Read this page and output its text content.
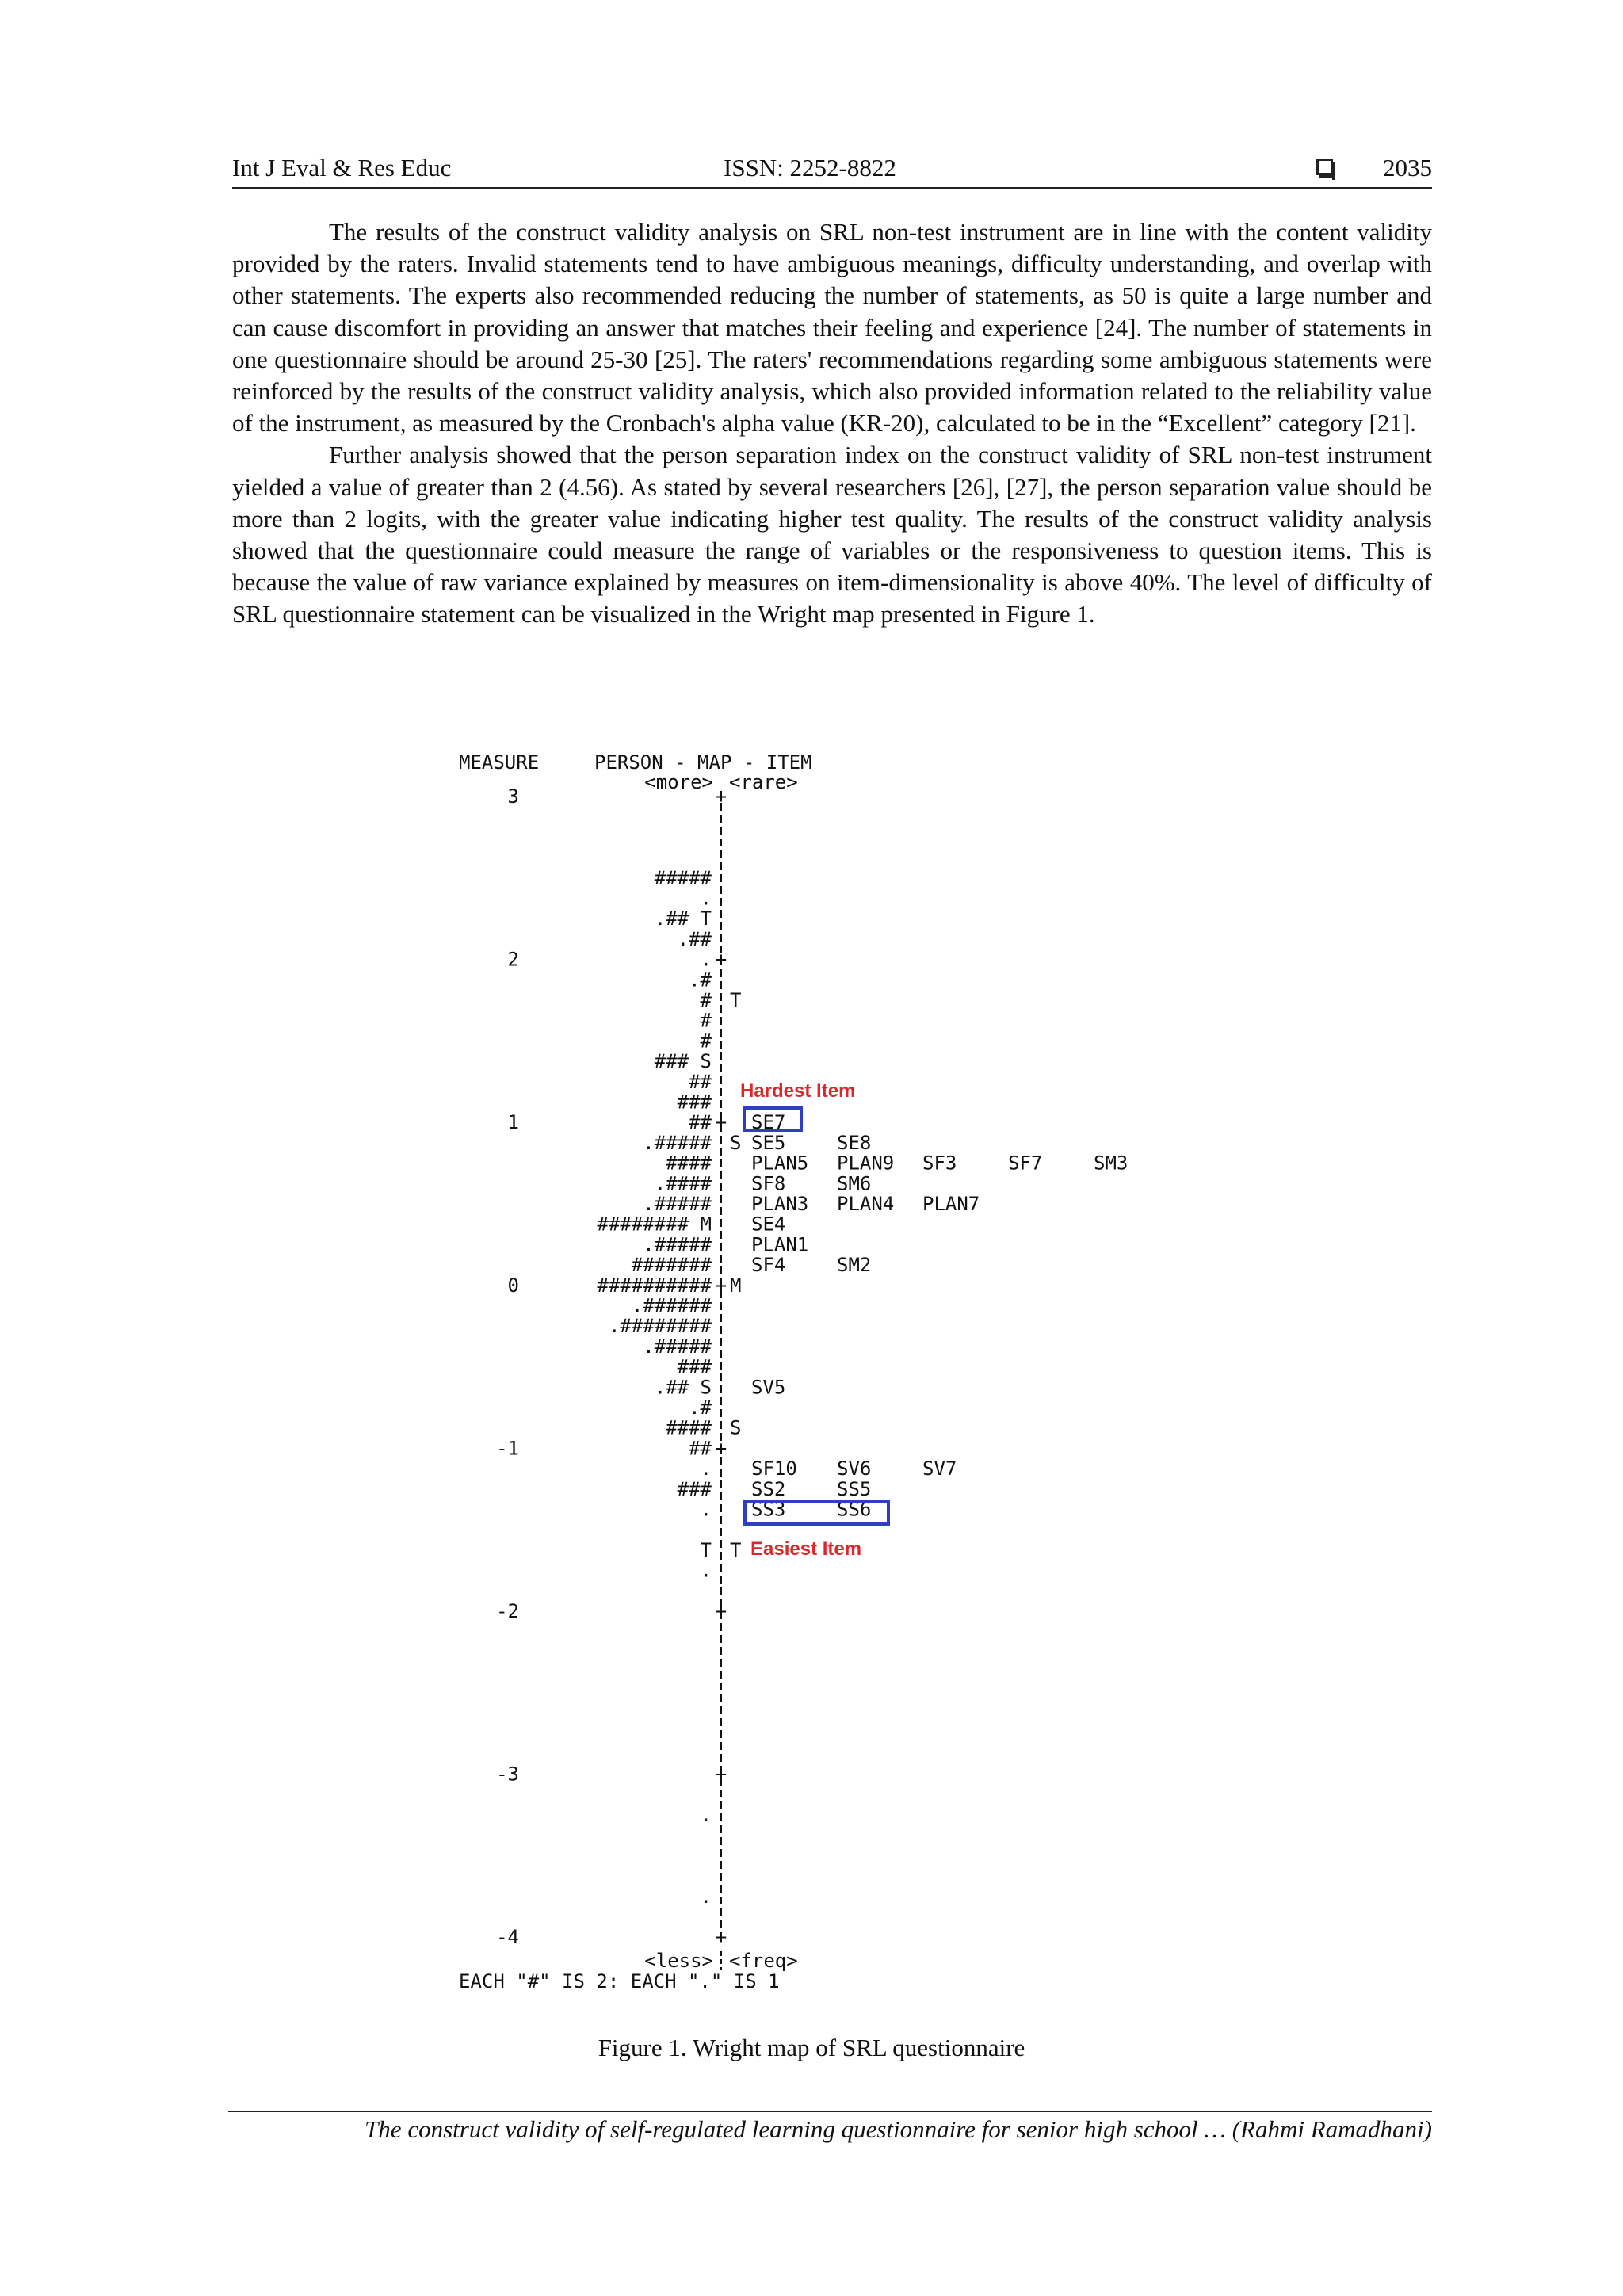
Int J Eval & Res Educ	ISSN: 2252-8822	2035

The results of the construct validity analysis on SRL non-test instrument are in line with the content validity provided by the raters. Invalid statements tend to have ambiguous meanings, difficulty understanding, and overlap with other statements. The experts also recommended reducing the number of statements, as 50 is quite a large number and can cause discomfort in providing an answer that matches their feeling and experience [24]. The number of statements in one questionnaire should be around 25-30 [25]. The raters' recommendations regarding some ambiguous statements were reinforced by the results of the construct validity analysis, which also provided information related to the reliability value of the instrument, as measured by the Cronbach's alpha value (KR-20), calculated to be in the “Excellent” category [21].

Further analysis showed that the person separation index on the construct validity of SRL non-test instrument yielded a value of greater than 2 (4.56). As stated by several researchers [26], [27], the person separation value should be more than 2 logits, with the greater value indicating higher test quality. The results of the construct validity analysis showed that the questionnaire could measure the range of variables or the responsiveness to question items. This is because the value of raw variance explained by measures on item-dimensionality is above 40%. The level of difficulty of SRL questionnaire statement can be visualized in the Wright map presented in Figure 1.

MEASURE	PERSON - MAP - ITEM
<more> <rare>
3	+
#####
.
.## T
.##
2	. +
.#
# T
#
#
### S
##
###
1	## + SE7
.##### S SE5	SE8
#### PLAN5 PLAN9 SF3	SF7	SM3
.#### SF8	SM6
.##### PLAN3 PLAN4 PLAN7
######## M SE4
.##### PLAN1
####### SF4	SM2
0	########## + M
.######
.########
.#####
###
.## S SV5
.#
#### S
-1	## +
. SF10 SV6	SV7
### SS2	SS5
. SS3	SS6
T T
.
-2	+
-3	+
.
.
-4	+
Hardest Item
Easiest Item
<less> <freq>
EACH "#" IS 2: EACH "." IS 1
Figure 1. Wright map of SRL questionnaire
The construct validity of self-regulated learning questionnaire for senior high school … (Rahmi Ramadhani)
